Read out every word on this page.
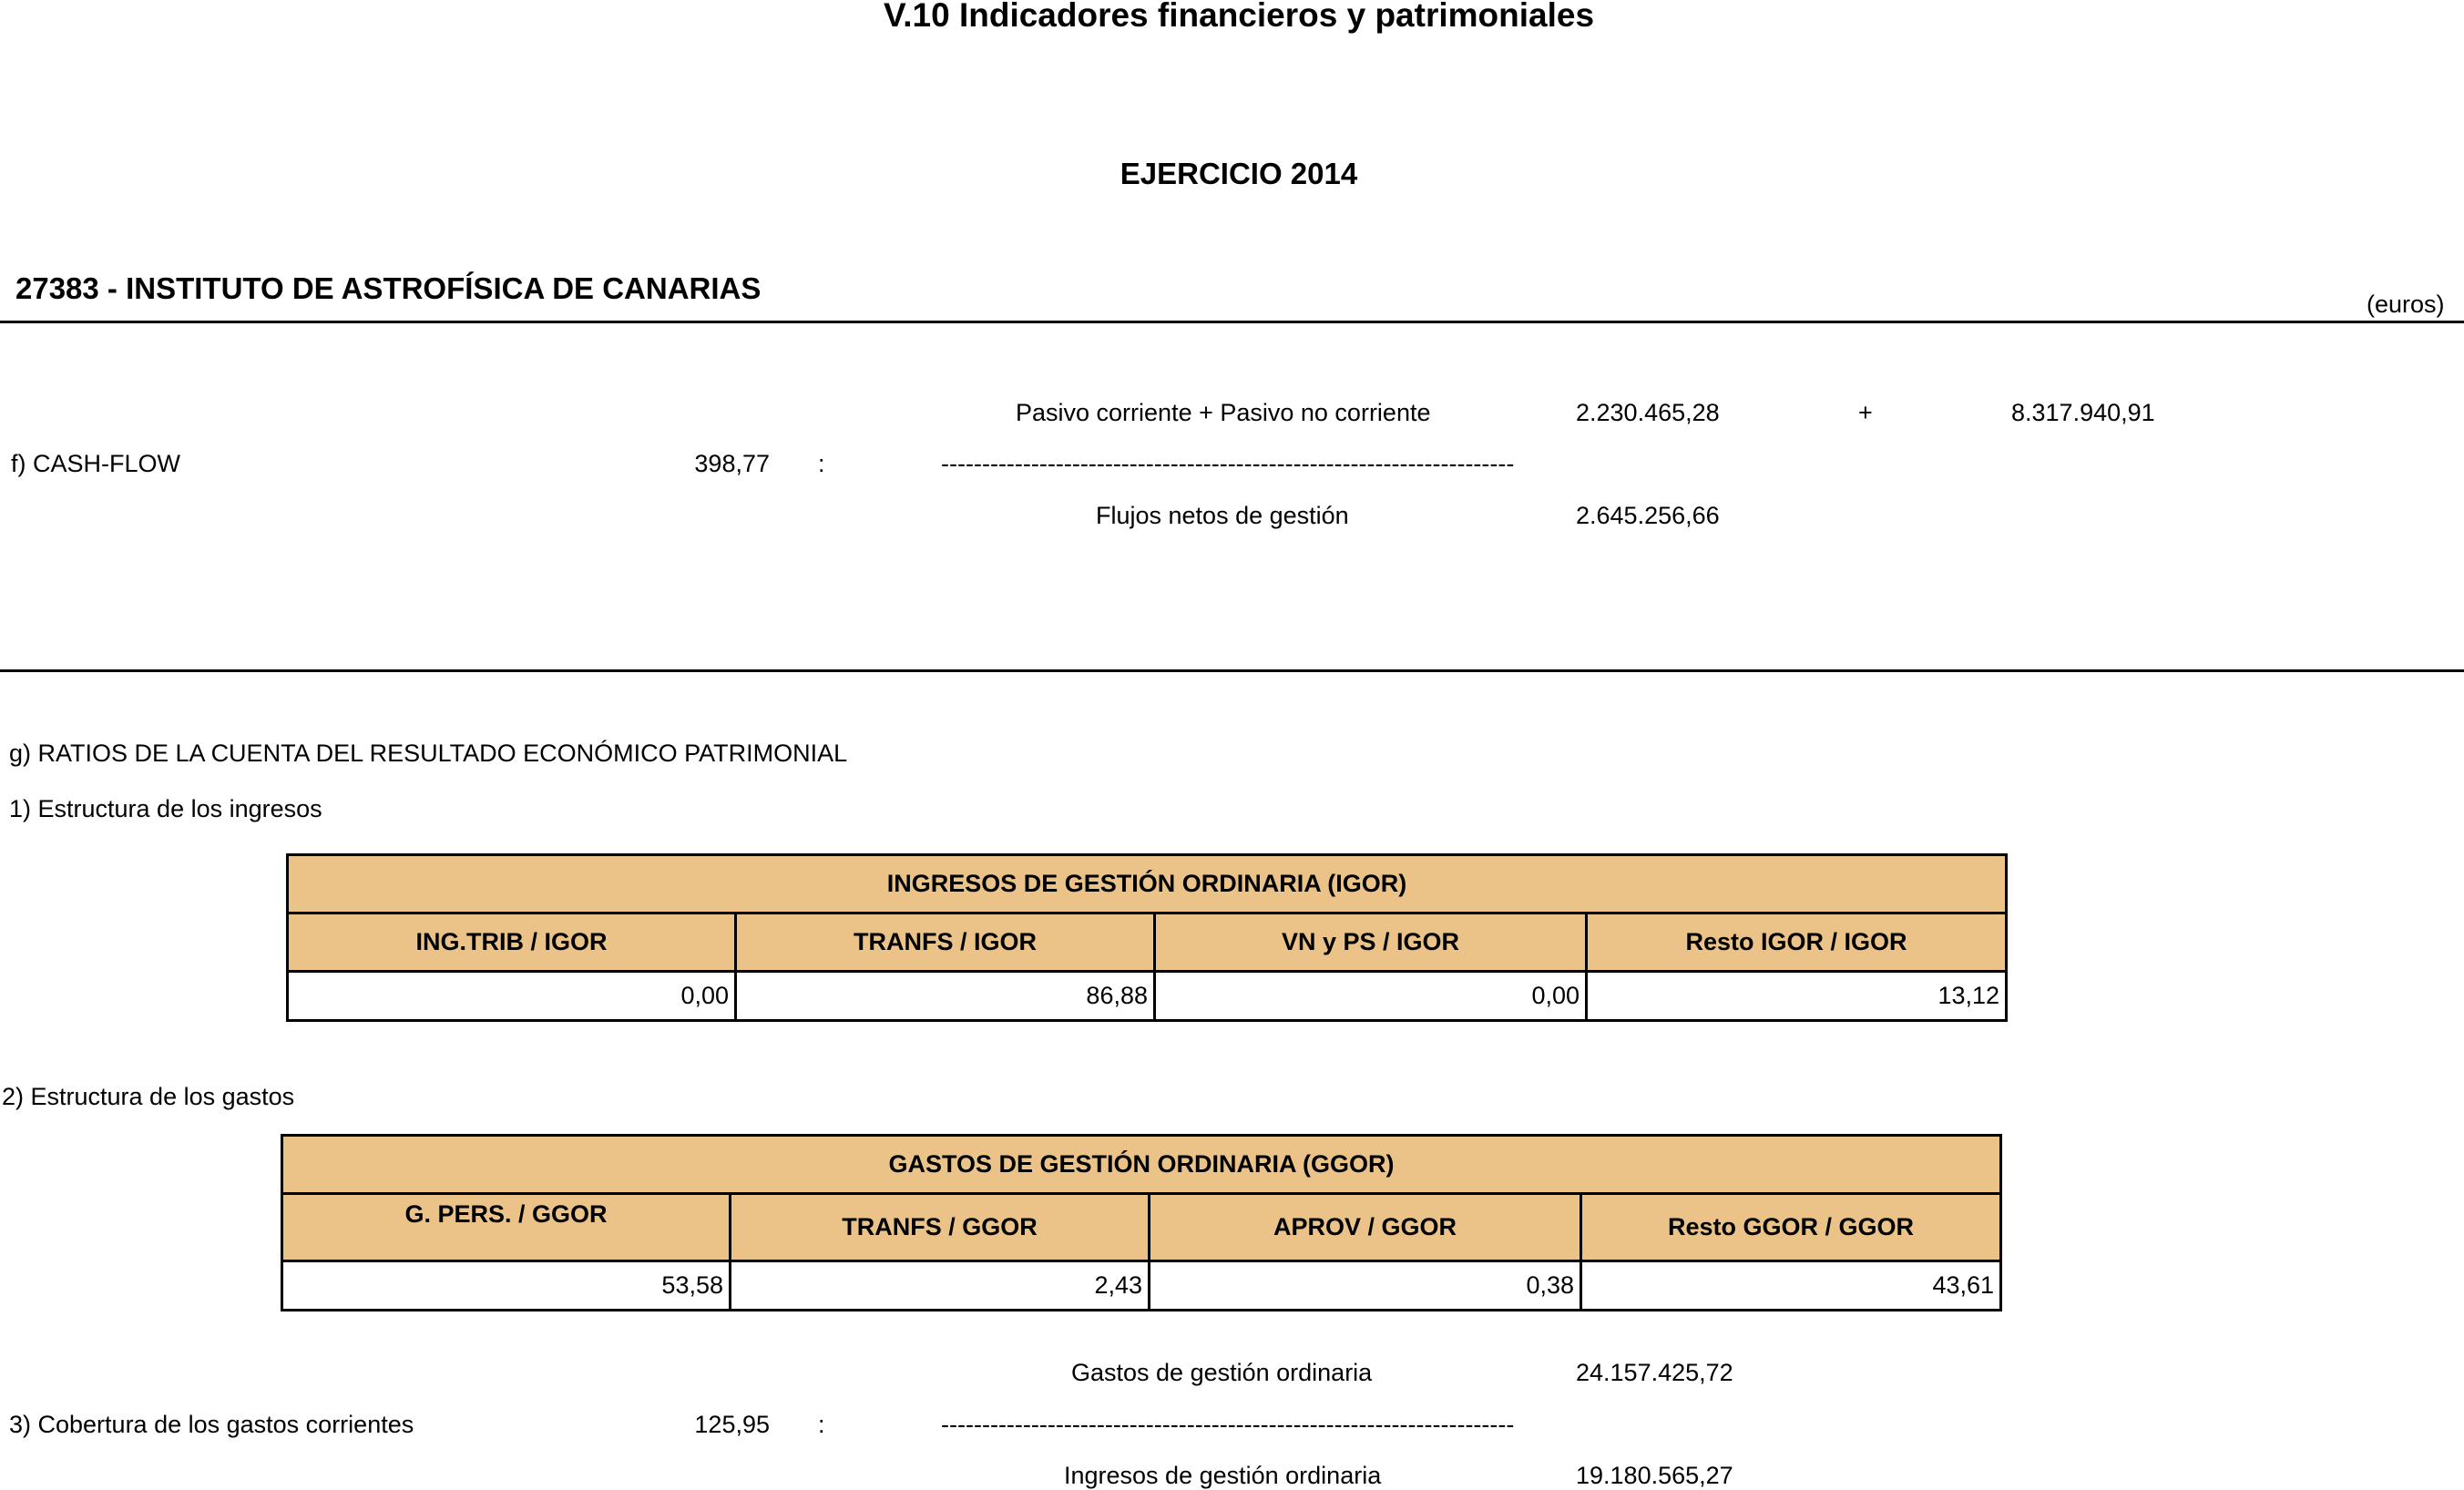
V.10 Indicadores financieros y patrimoniales
EJERCICIO 2014
27383 - INSTITUTO DE ASTROFÍSICA DE CANARIAS	(euros)
Pasivo corriente + Pasivo no corriente	2.230.465,28	+	8.317.940,91
f) CASH-FLOW	398,77 :	----------------------------------------------------------------------
Flujos netos de gestión	2.645.256,66
g) RATIOS DE LA CUENTA DEL RESULTADO ECONÓMICO PATRIMONIAL
1) Estructura de los ingresos
INGRESOS DE GESTIÓN ORDINARIA (IGOR)			
ING.TRIB / IGOR	TRANFS / IGOR	VN y PS / IGOR	Resto IGOR / IGOR
0,00	86,88	0,00	13,12
2) Estructura de los gastos
GASTOS DE GESTIÓN ORDINARIA (GGOR)			
G. PERS. / GGOR	TRANFS / GGOR	APROV / GGOR	Resto GGOR / GGOR
53,58	2,43	0,38	43,61
Gastos de gestión ordinaria	24.157.425,72
3) Cobertura de los gastos corrientes	125,95 :	----------------------------------------------------------------------
Ingresos de gestión ordinaria	19.180.565,27
